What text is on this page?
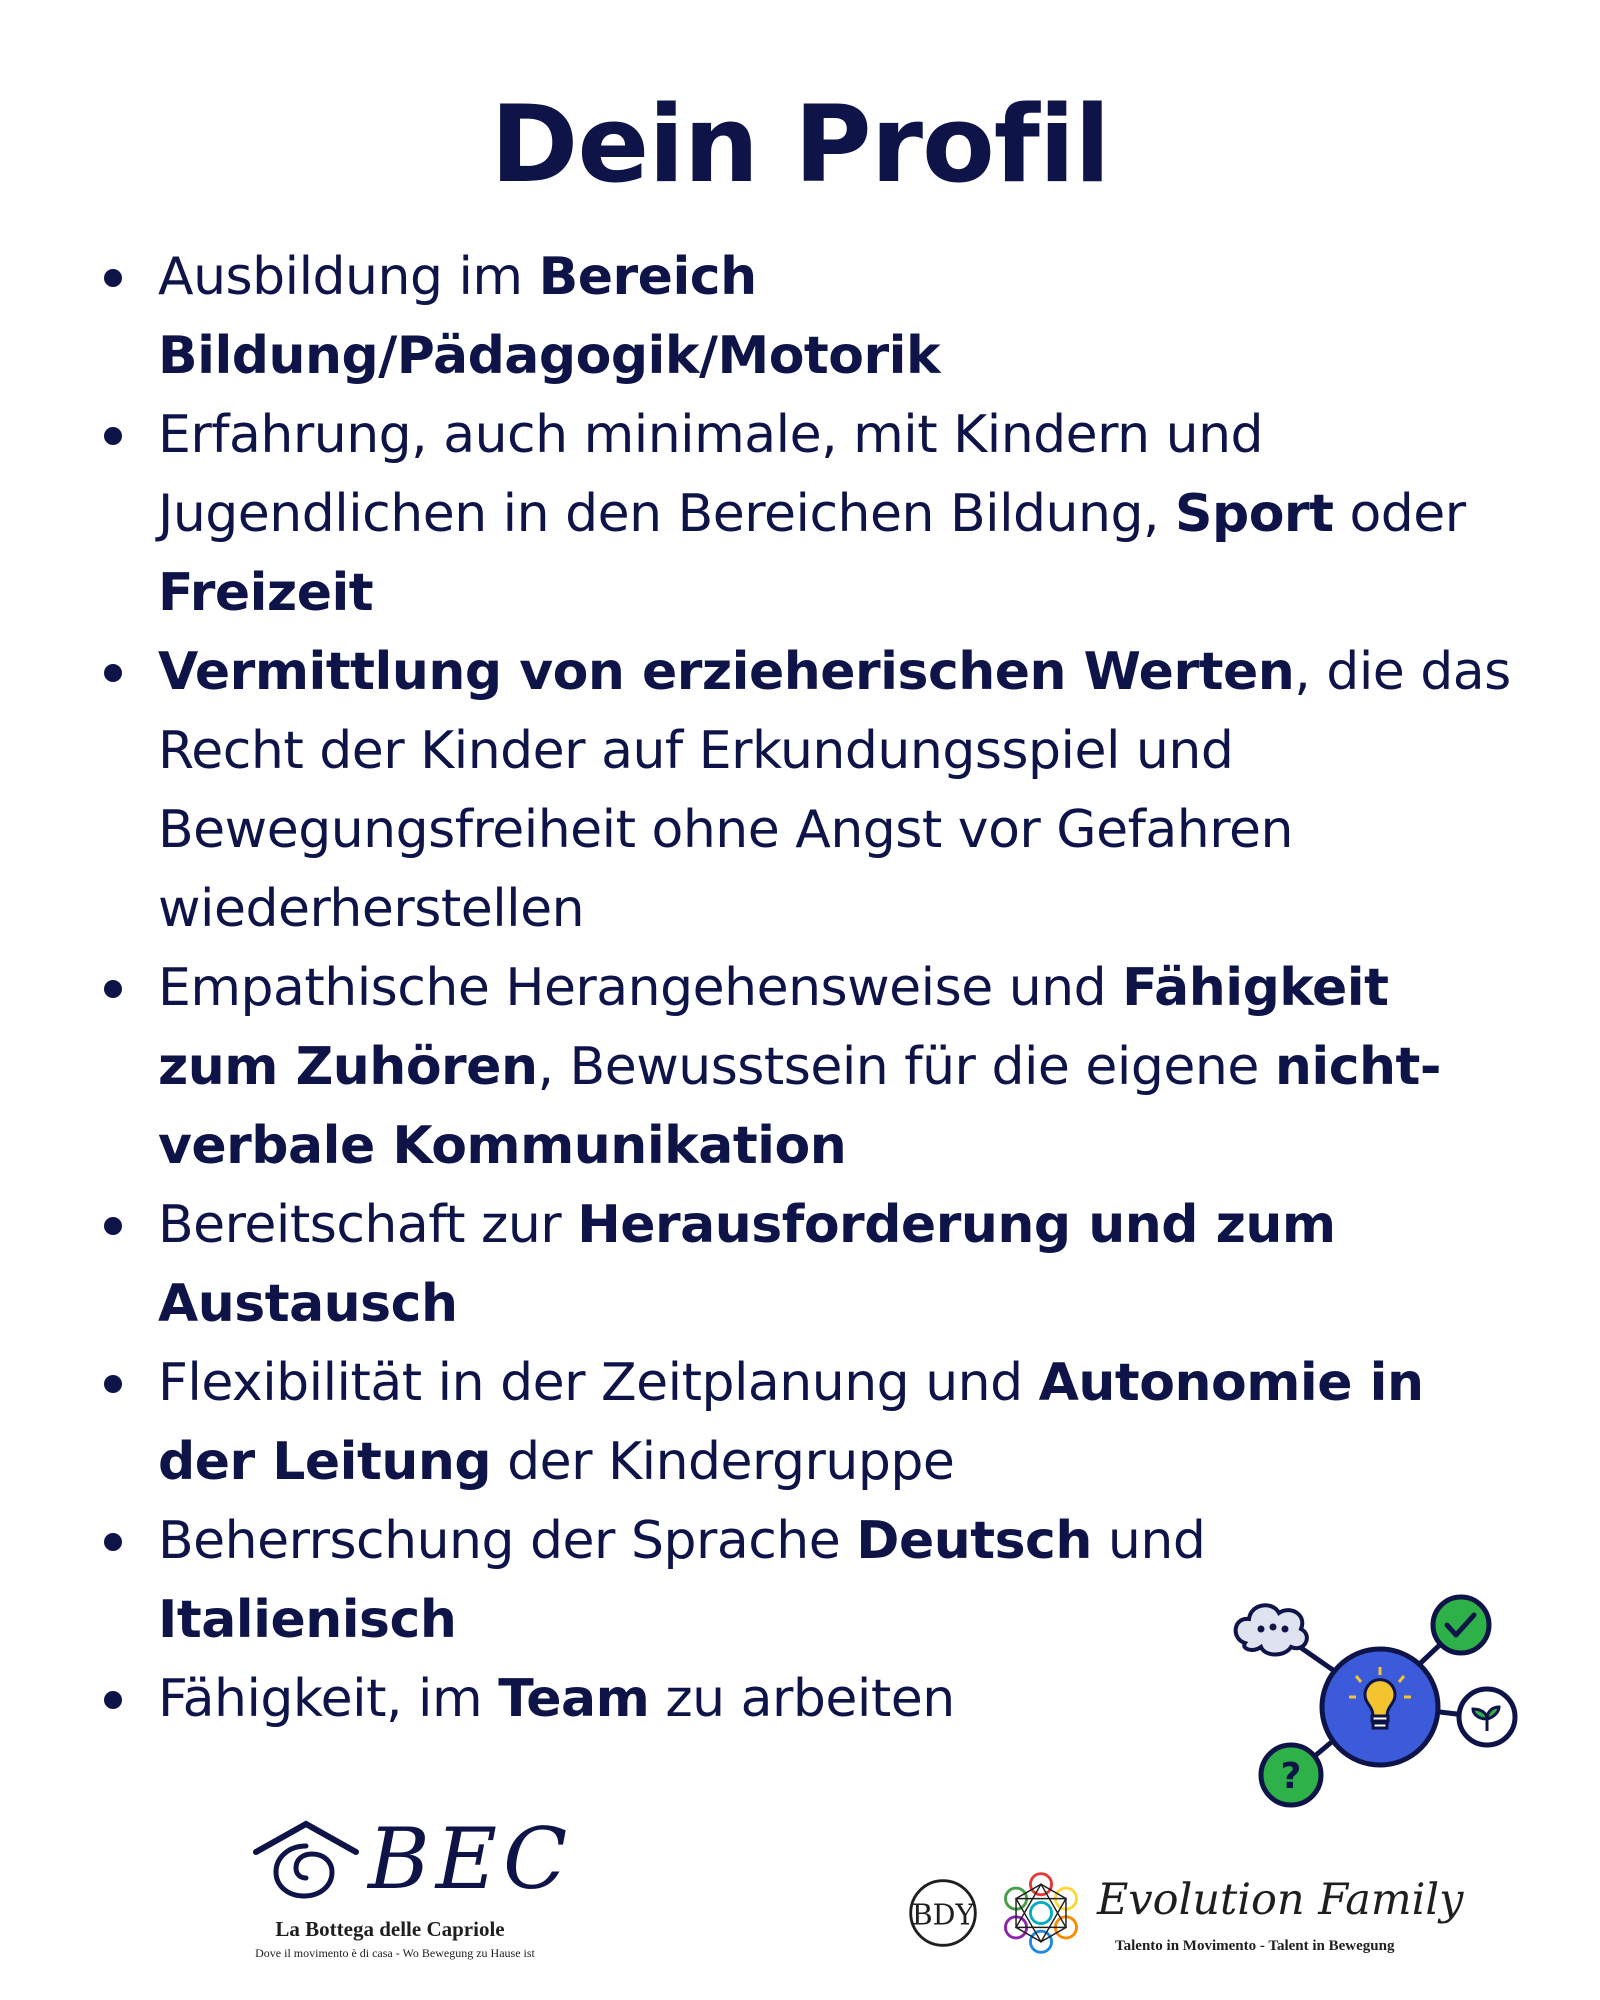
Dein Profil
Ausbildung im Bereich Bildung/Pädagogik/Motorik
Erfahrung, auch minimale, mit Kindern und Jugendlichen in den Bereichen Bildung, Sport oder Freizeit
Vermittlung von erzieherischen Werten, die das Recht der Kinder auf Erkundungsspiel und Bewegungsfreiheit ohne Angst vor Gefahren wiederherstellen
Empathische Herangehensweise und Fähigkeit zum Zuhören, Bewusstsein für die eigene nicht-verbale Kommunikation
Bereitschaft zur Herausforderung und zum Austausch
Flexibilität in der Zeitplanung und Autonomie in der Leitung der Kindergruppe
Beherrschung der Sprache Deutsch und Italienisch
Fähigkeit, im Team zu arbeiten
?
BEC
La Bottega delle Capriole
Dove il movimento è di casa - Wo Bewegung zu Hause ist
BDY	Evolution Family
Talento in Movimento - Talent in Bewegung
